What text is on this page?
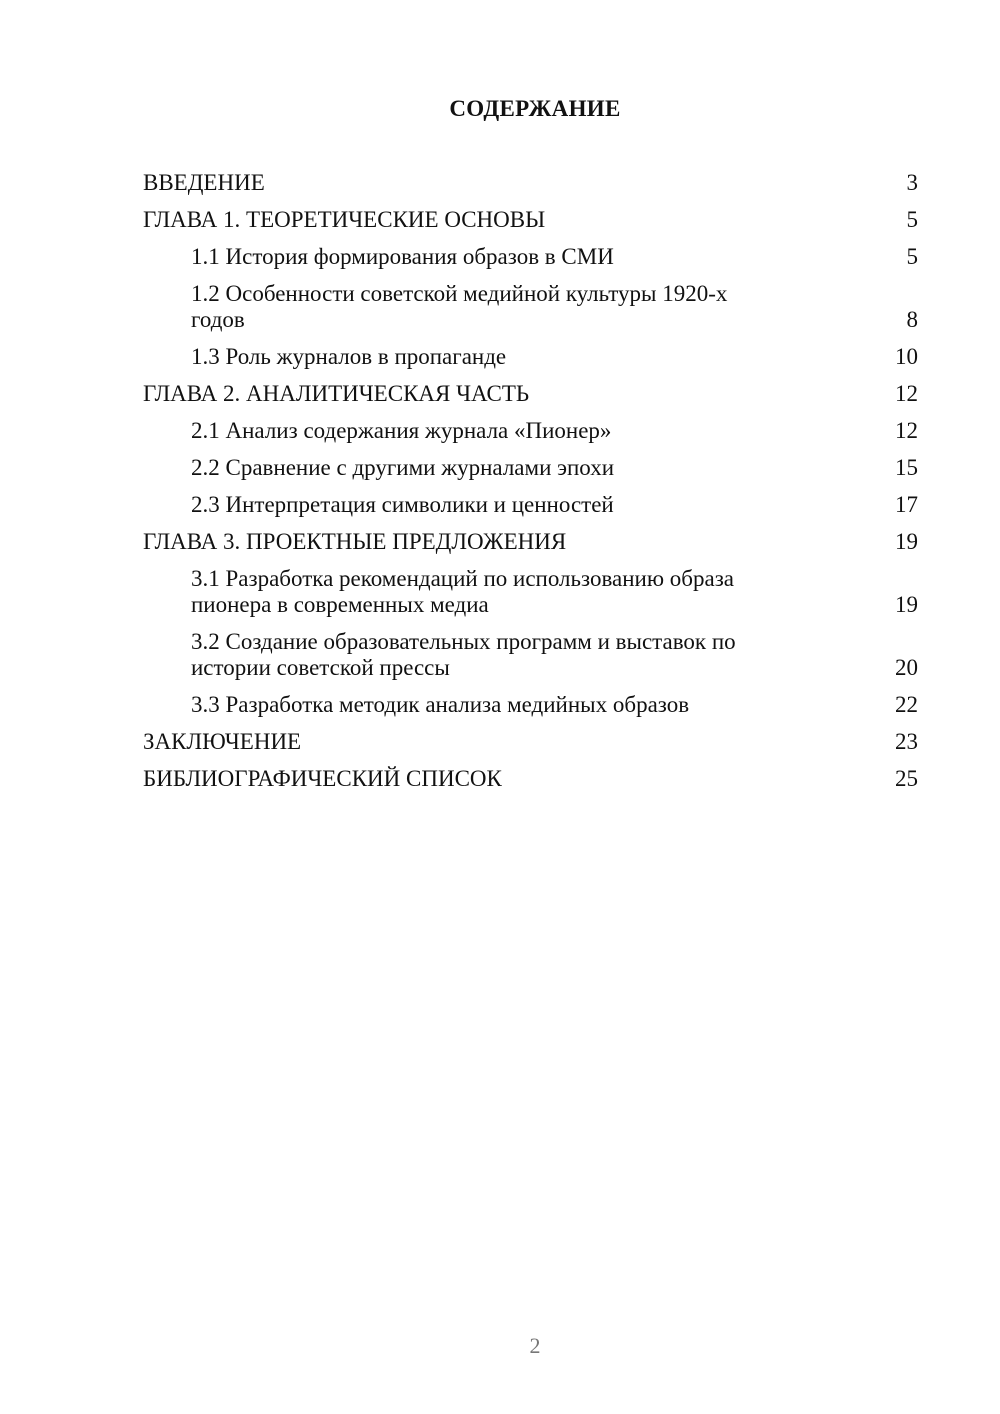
СОДЕРЖАНИЕ
ВВЕДЕНИЕ	3
ГЛАВА 1. ТЕОРЕТИЧЕСКИЕ ОСНОВЫ	5
1.1 История формирования образов в СМИ	5
1.2 Особенности советской медийной культуры 1920-х годов	8
1.3 Роль журналов в пропаганде	10
ГЛАВА 2. АНАЛИТИЧЕСКАЯ ЧАСТЬ	12
2.1 Анализ содержания журнала «Пионер»	12
2.2 Сравнение с другими журналами эпохи	15
2.3 Интерпретация символики и ценностей	17
ГЛАВА 3. ПРОЕКТНЫЕ ПРЕДЛОЖЕНИЯ	19
3.1 Разработка рекомендаций по использованию образа пионера в современных медиа	19
3.2 Создание образовательных программ и выставок по истории советской прессы	20
3.3 Разработка методик анализа медийных образов	22
ЗАКЛЮЧЕНИЕ	23
БИБЛИОГРАФИЧЕСКИЙ СПИСОК	25
2
